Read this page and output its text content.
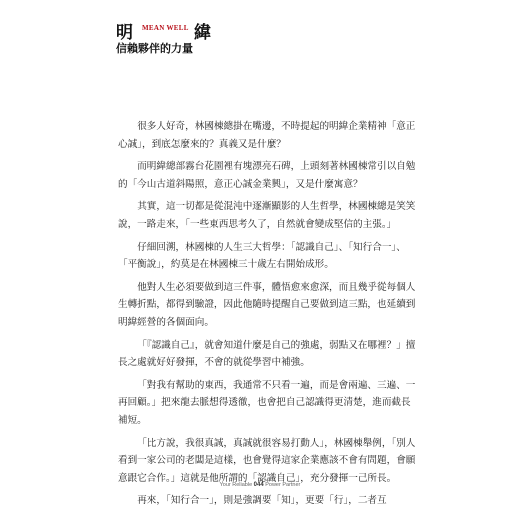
明 MEAN WELL 緯
信賴夥伴的力量

很多人好奇，林國棟總掛在嘴邊，不時提起的明緯企業精神「意正心誠」，到底怎麼來的？真義又是什麼？

而明緯總部霧台花園裡有塊漂亮石碑，上頭刻著林國棟常引以自勉的「今山古道斜陽照，意正心誠金業興」，又是什麼寓意？

其實，這一切都是從混沌中逐漸顯影的人生哲學，林國棟總是笑笑說，一路走來，「一些東西思考久了，自然就會變成堅信的主張。」

仔細回溯，林國棟的人生三大哲學：「認識自己」、「知行合一」、「平衡說」，約莫是在林國棟三十歲左右開始成形。

他對人生必須要做到這三件事，體悟愈來愈深，而且幾乎從每個人生轉折點，都得到驗證，因此他隨時提醒自己要做到這三點，也延續到明緯經營的各個面向。

「『認識自己』，就會知道什麼是自己的強處，弱點又在哪裡？」擅長之處就好好發揮，不會的就從學習中補強。

「對我有幫助的東西，我通常不只看一遍，而是會兩遍、三遍、一再回顧。」把來龍去脈想得透徹，也會把自己認識得更清楚，進而截長補短。

「比方說，我很真誠，真誠就很容易打動人」，林國棟舉例，「別人看到一家公司的老闆是這樣，也會覺得這家企業應該不會有問題，會願意跟它合作。」這就是他所謂的「認識自己」，充分發揮一己所長。

再來，「知行合一」，則是強調要「知」，更要「行」，二者互

Your Reliable 044 Power Partner
